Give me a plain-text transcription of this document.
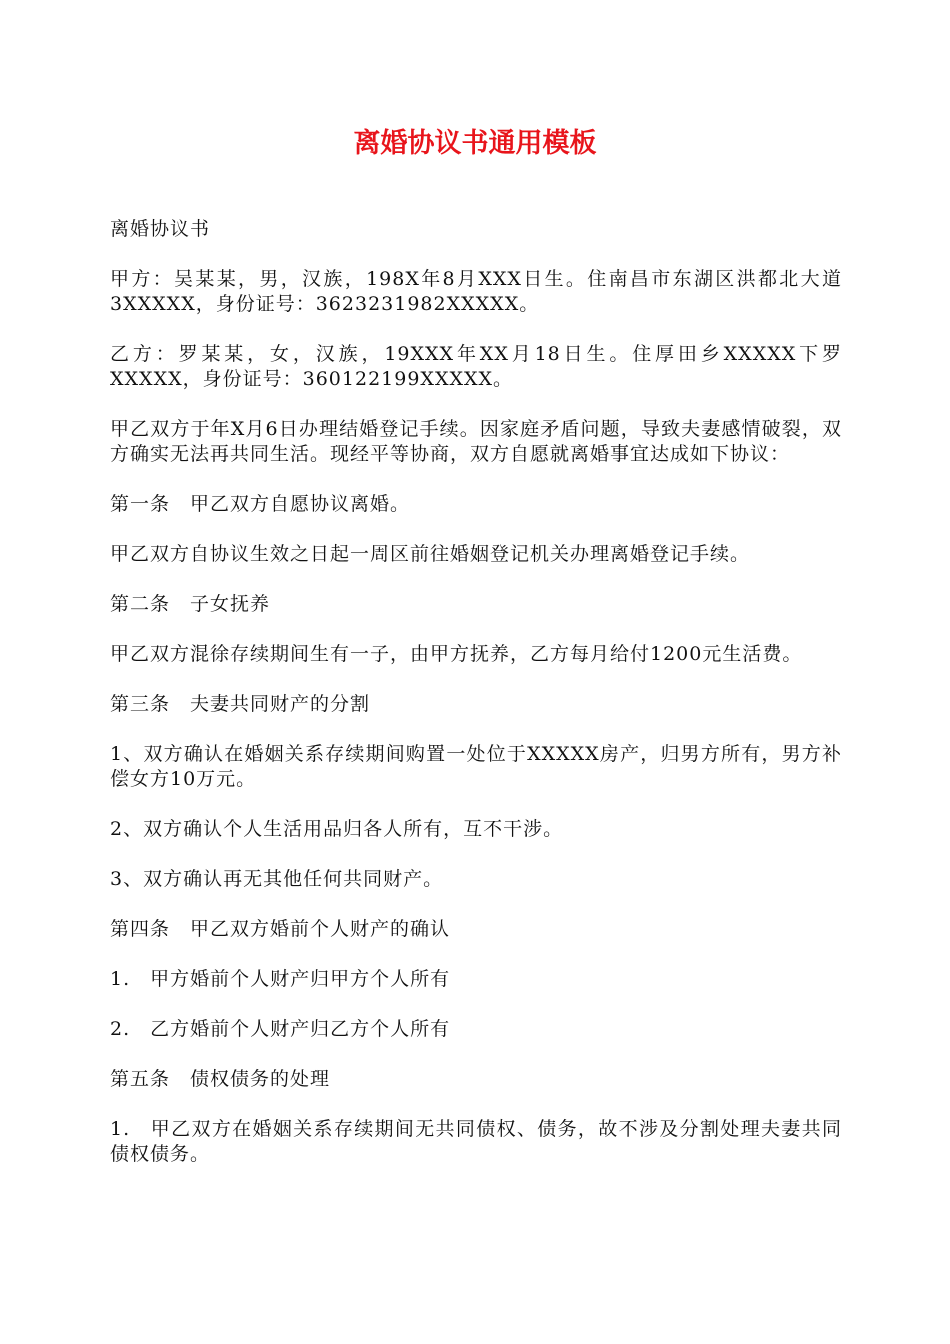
离婚协议书通用模板

离婚协议书

甲方：吴某某，男，汉族，198X年8月XXX日生。住南昌市东湖区洪都北大道3XXXXX，身份证号：3623231982XXXXX。

乙方：罗某某，女，汉族，19XXX年XX月18日生。住厚田乡XXXXX下罗XXXXX，身份证号：360122199XXXXX。

甲乙双方于年X月6日办理结婚登记手续。因家庭矛盾问题，导致夫妻感情破裂，双方确实无法再共同生活。现经平等协商，双方自愿就离婚事宜达成如下协议：

第一条　甲乙双方自愿协议离婚。

甲乙双方自协议生效之日起一周区前往婚姻登记机关办理离婚登记手续。

第二条　子女抚养

甲乙双方混徐存续期间生有一子，由甲方抚养，乙方每月给付1200元生活费。

第三条　夫妻共同财产的分割

1、双方确认在婚姻关系存续期间购置一处位于XXXXX房产，归男方所有，男方补偿女方10万元。

2、双方确认个人生活用品归各人所有，互不干涉。

3、双方确认再无其他任何共同财产。

第四条　甲乙双方婚前个人财产的确认

1.　甲方婚前个人财产归甲方个人所有

2.　乙方婚前个人财产归乙方个人所有

第五条　债权债务的处理

1.　甲乙双方在婚姻关系存续期间无共同债权、债务，故不涉及分割处理夫妻共同债权债务。
